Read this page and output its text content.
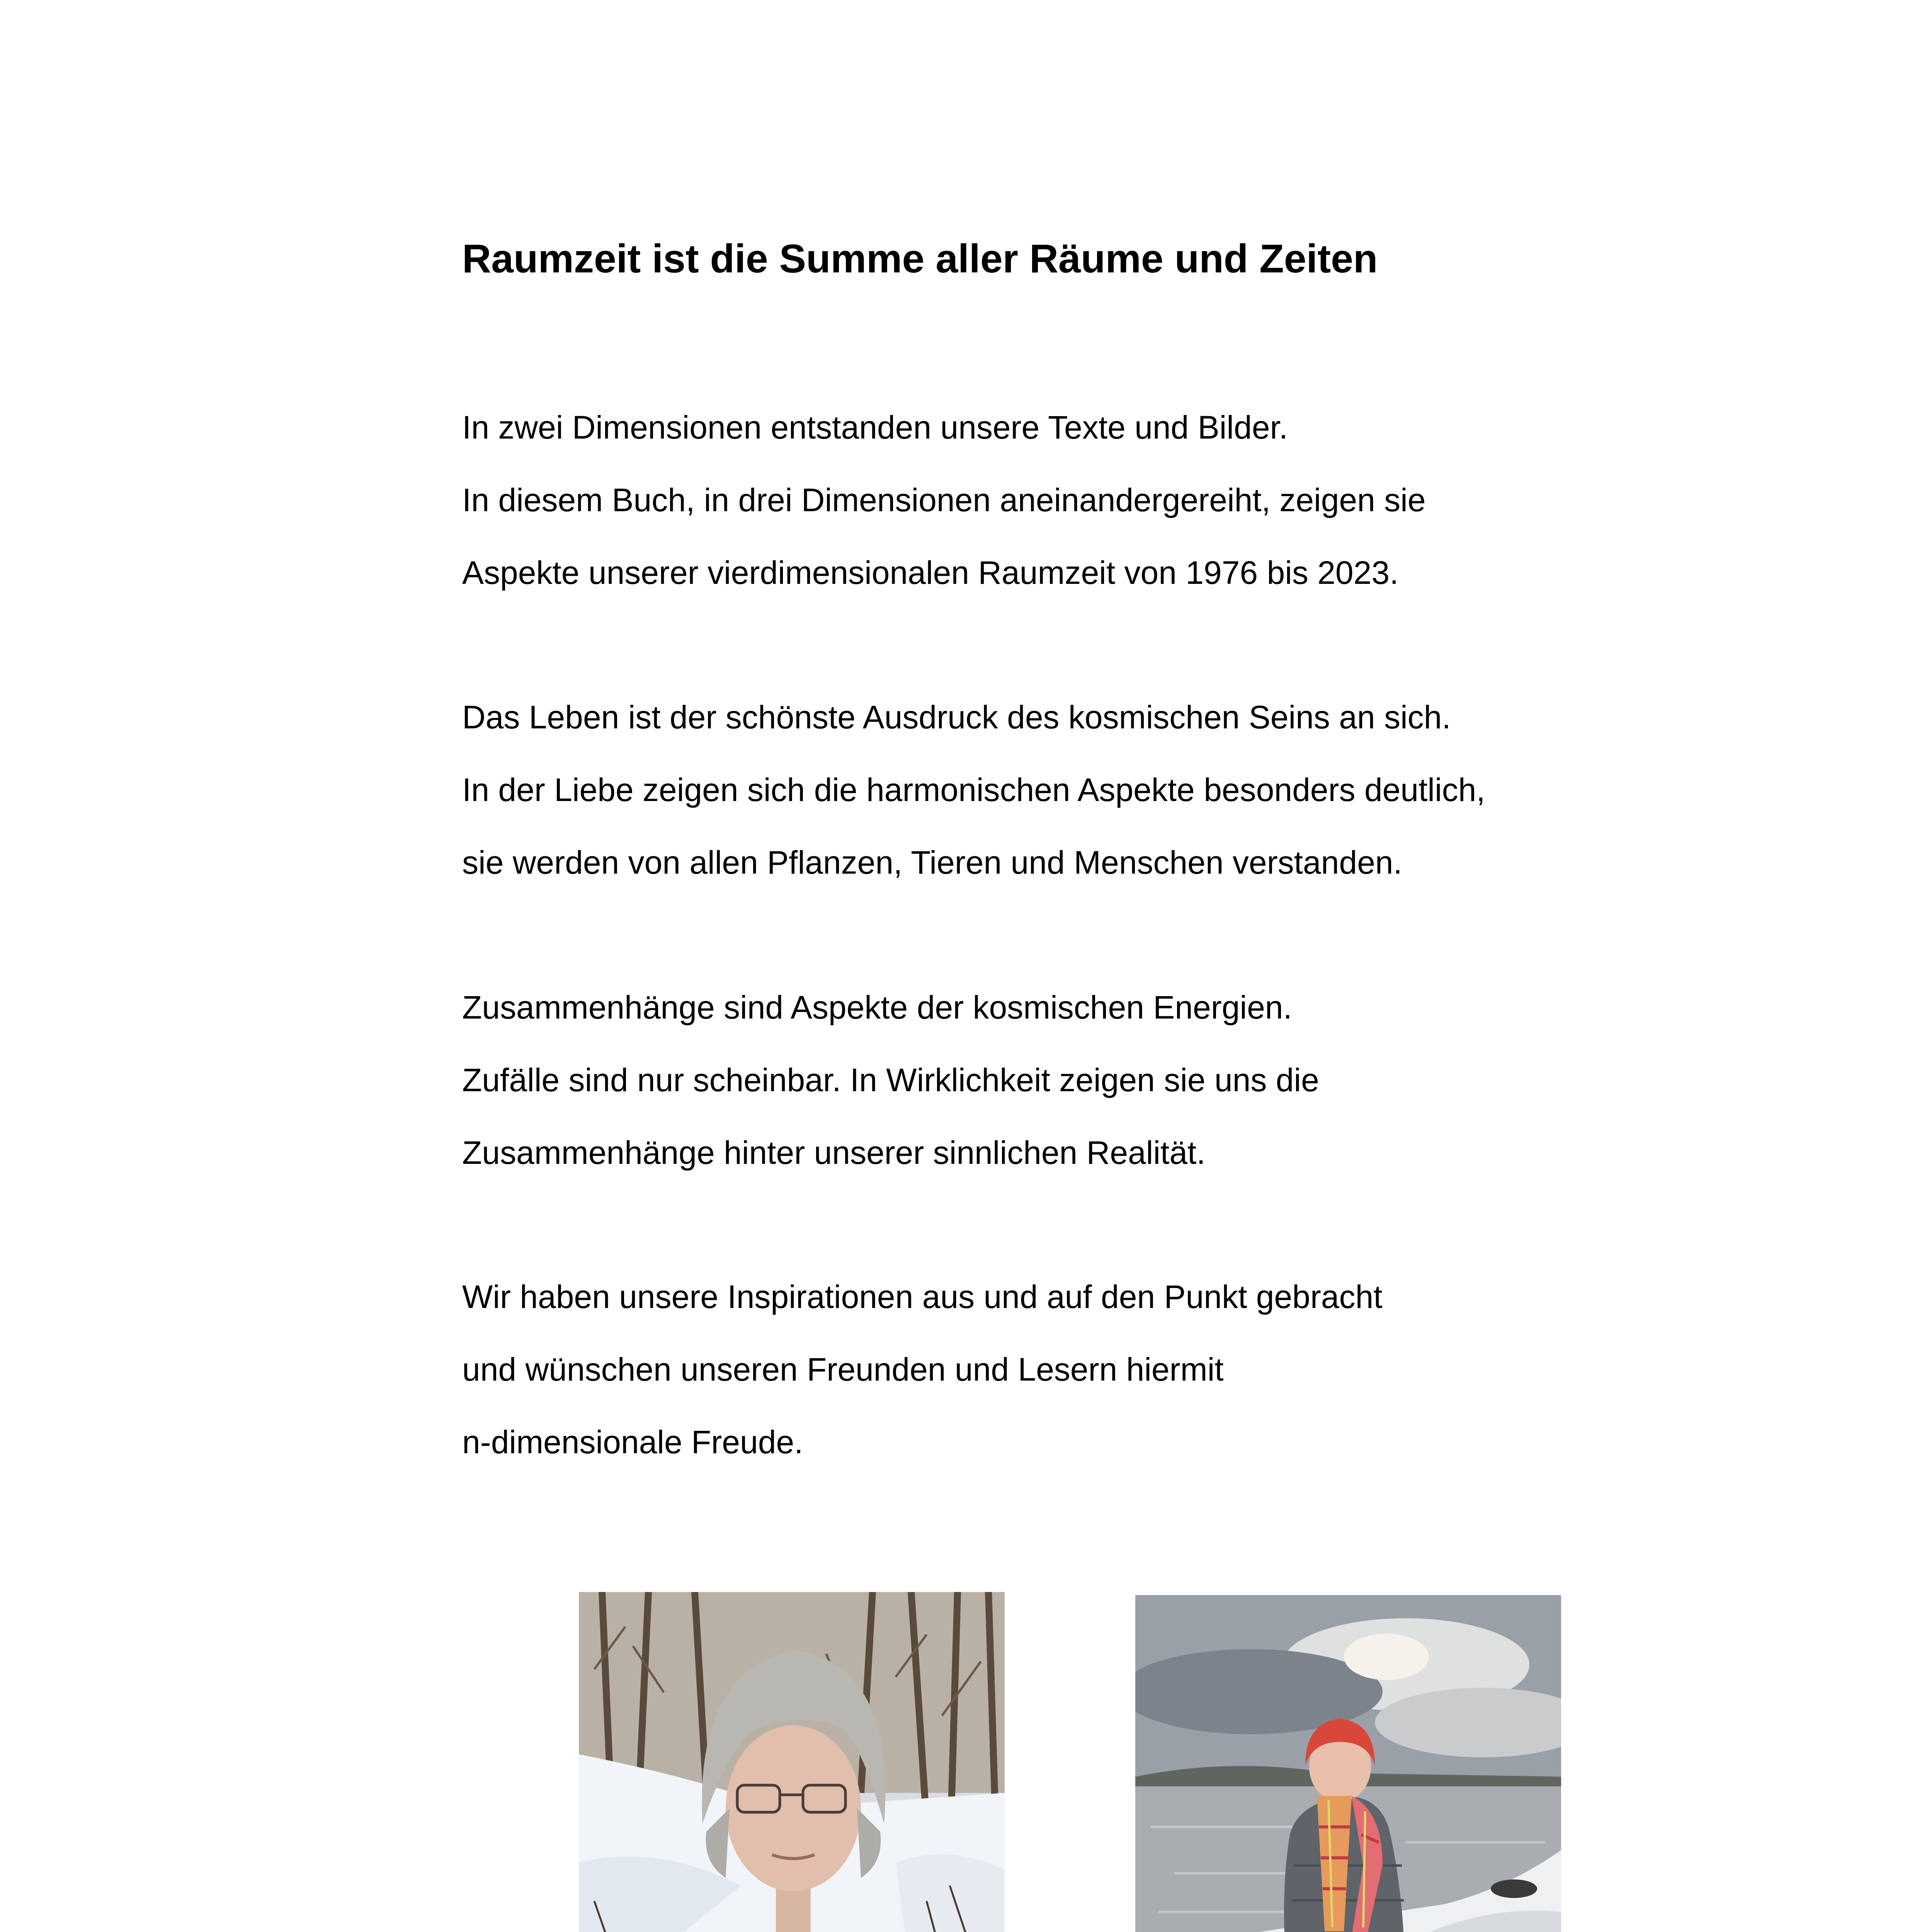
Raumzeit ist die Summe aller Räume und Zeiten
In zwei Dimensionen entstanden unsere Texte und Bilder.
In diesem Buch, in drei Dimensionen aneinandergereiht, zeigen sie
Aspekte unserer vierdimensionalen Raumzeit von 1976 bis 2023.
Das Leben ist der schönste Ausdruck des kosmischen Seins an sich.
In der Liebe zeigen sich die harmonischen Aspekte besonders deutlich,
sie werden von allen Pflanzen, Tieren und Menschen verstanden.
Zusammenhänge sind Aspekte der kosmischen Energien.
Zufälle sind nur scheinbar. In Wirklichkeit zeigen sie uns die
Zusammenhänge hinter unserer sinnlichen Realität.
Wir haben unsere Inspirationen aus und auf den Punkt gebracht
und wünschen unseren Freunden und Lesern hiermit
n-dimensionale Freude.
